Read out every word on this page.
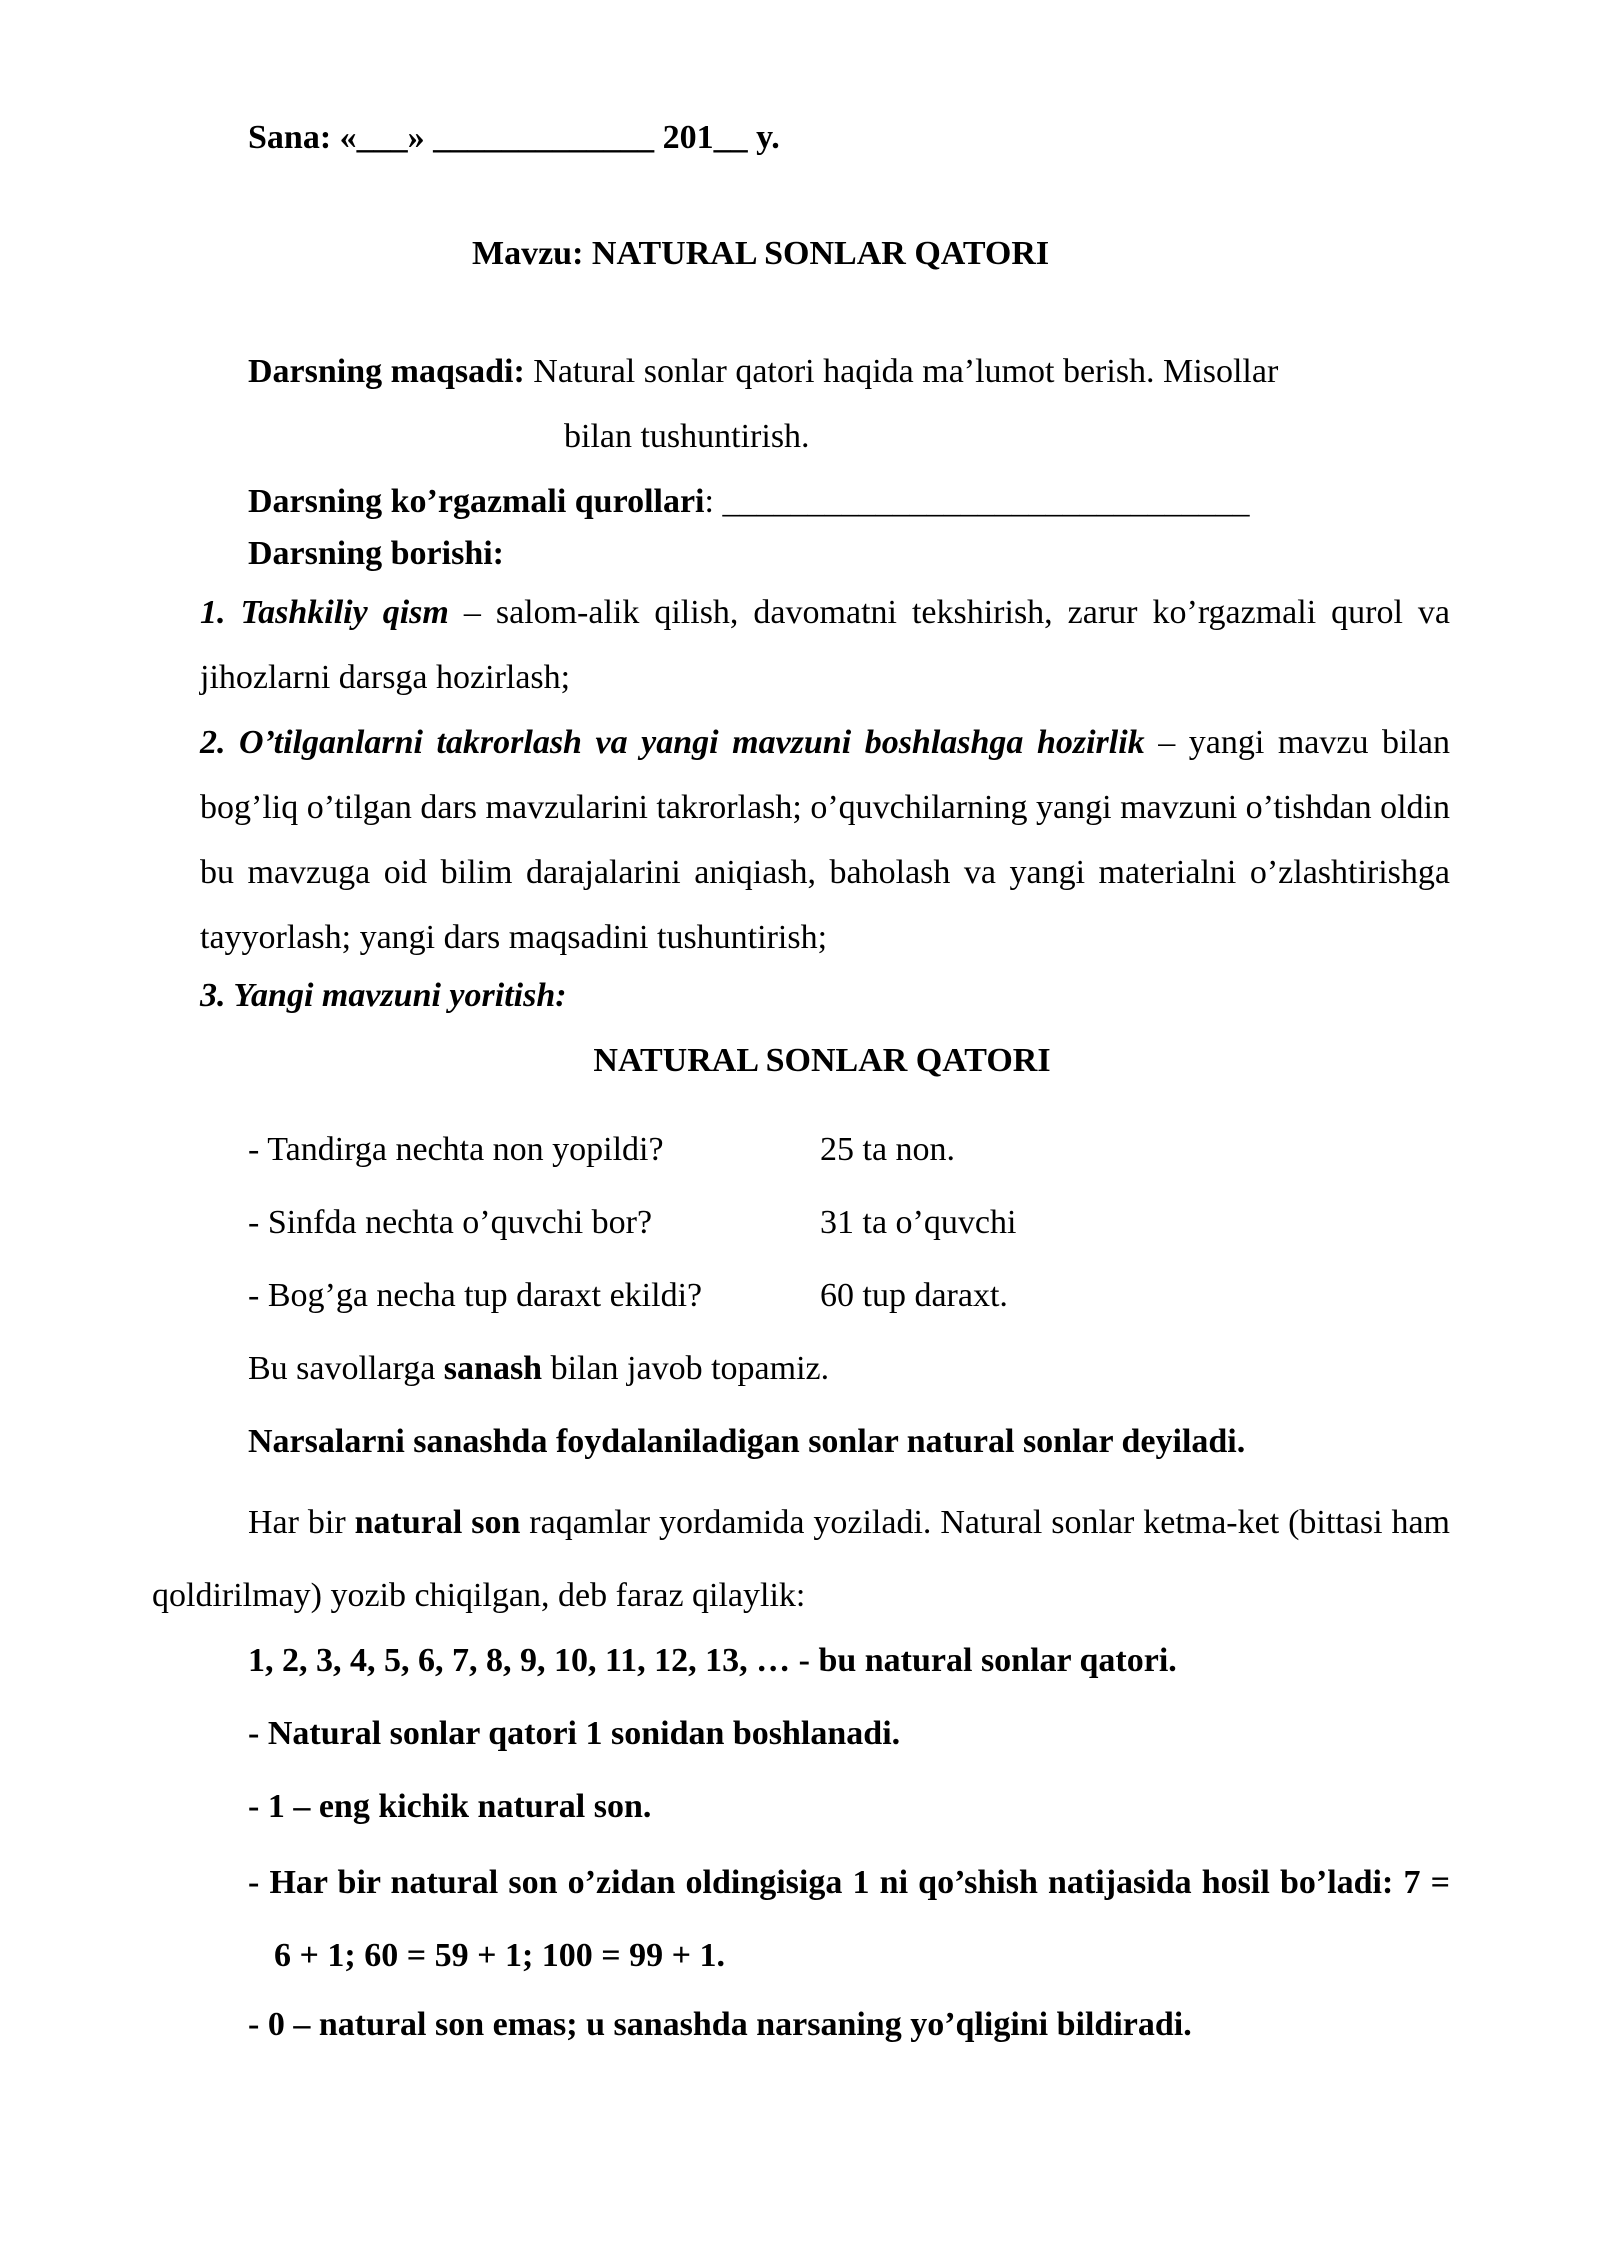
Sana: «___» _____________ 201__ y.
Mavzu: NATURAL SONLAR QATORI
Darsning maqsadi: Natural sonlar qatori haqida ma’lumot berish. Misollar
bilan tushuntirish.
Darsning ko’rgazmali qurollari: _______________________________
Darsning borishi:
1. Tashkiliy qism – salom-alik qilish, davomatni tekshirish, zarur ko’rgazmali qurol va jihozlarni darsga hozirlash;
2. O’tilganlarni takrorlash va yangi mavzuni boshlashga hozirlik – yangi mavzu bilan bog’liq o’tilgan dars mavzularini takrorlash; o’quvchilarning yangi mavzuni o’tishdan oldin bu mavzuga oid bilim darajalarini aniqiash, baholash va yangi materialni o’zlashtirishga tayyorlash; yangi dars maqsadini tushuntirish;
3. Yangi mavzuni yoritish:
NATURAL SONLAR QATORI
- Tandirga nechta non yopildi?	25 ta non.
- Sinfda nechta o’quvchi bor?	31 ta o’quvchi
- Bog’ga necha tup daraxt ekildi?	60 tup daraxt.
Bu savollarga sanash bilan javob topamiz.
Narsalarni sanashda foydalaniladigan sonlar natural sonlar deyiladi.
Har bir natural son raqamlar yordamida yoziladi. Natural sonlar ketma-ket (bittasi ham qoldirilmay) yozib chiqilgan, deb faraz qilaylik:
1, 2, 3, 4, 5, 6, 7, 8, 9, 10, 11, 12, 13, … - bu natural sonlar qatori.
- Natural sonlar qatori 1 sonidan boshlanadi.
- 1 – eng kichik natural son.
- Har bir natural son o’zidan oldingisiga 1 ni qo’shish natijasida hosil bo’ladi: 7 = 6 + 1; 60 = 59 + 1; 100 = 99 + 1.
- 0 – natural son emas; u sanashda narsaning yo’qligini bildiradi.
